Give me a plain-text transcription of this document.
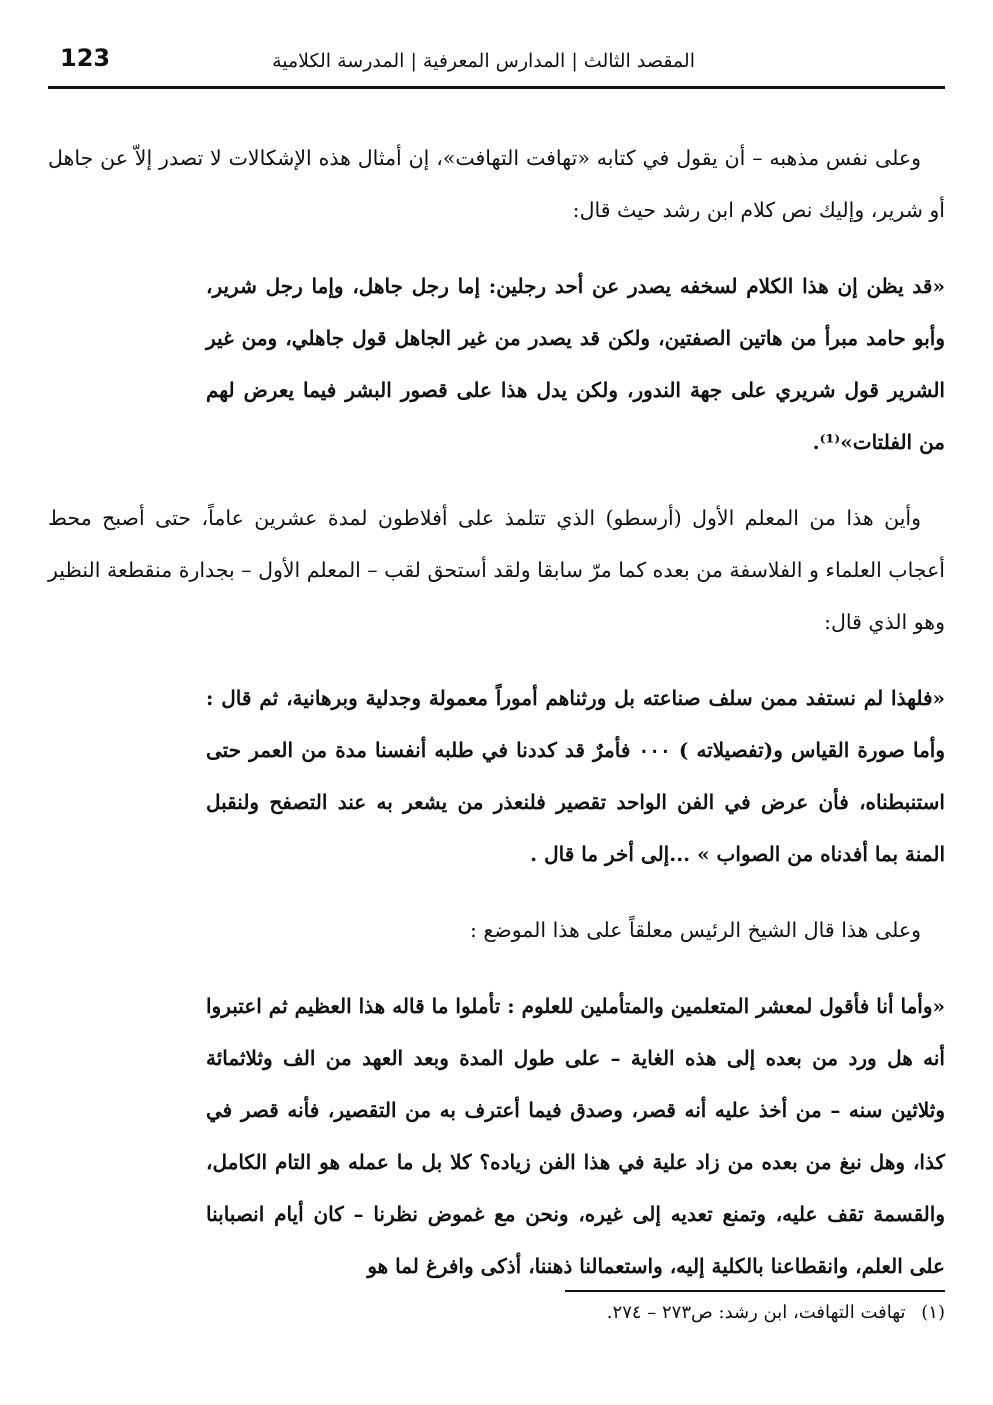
123	المقصد الثالث | المدارس المعرفية | المدرسة الكلامية

وعلى نفس مذهبه – أن يقول في كتابه «تهافت التهافت»، إن أمثال هذه الإشكالات لا تصدر إلاّ عن جاهل أو شرير، وإليك نص كلام ابن رشد حيث قال:

«قد يظن إن هذا الكلام لسخفه يصدر عن أحد رجلين: إما رجل جاهل، وإما رجل شرير، وأبو حامد مبرأ من هاتين الصفتين، ولكن قد يصدر من غير الجاهل قول جاهلي، ومن غير الشرير قول شريري على جهة الندور، ولكن يدل هذا على قصور البشر فيما يعرض لهم من الفلتات»⁽¹⁾.

وأين هذا من المعلم الأول (أرسطو) الذي تتلمذ على أفلاطون لمدة عشرين عاماً، حتى أصبح محط أعجاب العلماء و الفلاسفة من بعده كما مرّ سابقا ولقد أستحق لقب – المعلم الأول – بجدارة منقطعة النظير وهو الذي قال:

«فلهذا لم نستفد ممن سلف صناعته بل ورثناهم أموراً معمولة وجدلية وبرهانية، ثم قال : وأما صورة القياس و(تفصيلاته ) ٠٠٠ فأمرٌ قد كددنا في طلبه أنفسنا مدة من العمر حتى استنبطناه، فأن عرض في الفن الواحد تقصير فلنعذر من يشعر به عند التصفح ولنقبل المنة بما أفدناه من الصواب » ...إلى أخر ما قال .

وعلى هذا قال الشيخ الرئيس معلقاً على هذا الموضع :

«وأما أنا فأقول لمعشر المتعلمين والمتأملين للعلوم : تأملوا ما قاله هذا العظيم ثم اعتبروا أنه هل ورد من بعده إلى هذه الغاية – على طول المدة وبعد العهد من الف وثلاثمائة وثلاثين سنه – من أخذ عليه أنه قصر، وصدق فيما أعترف به من التقصير، فأنه قصر في كذا، وهل نبغ من بعده من زاد علية في هذا الفن زياده؟ كلا بل ما عمله هو التام الكامل، والقسمة تقف عليه، وتمنع تعديه إلى غيره، ونحن مع غموض نظرنا – كان أيام انصبابنا على العلم، وانقطاعنا بالكلية إليه، واستعمالنا ذهننا، أذكى وافرغ لما هو

(١) تهافت التهافت، ابن رشد: ص٢٧٣ – ٢٧٤.
